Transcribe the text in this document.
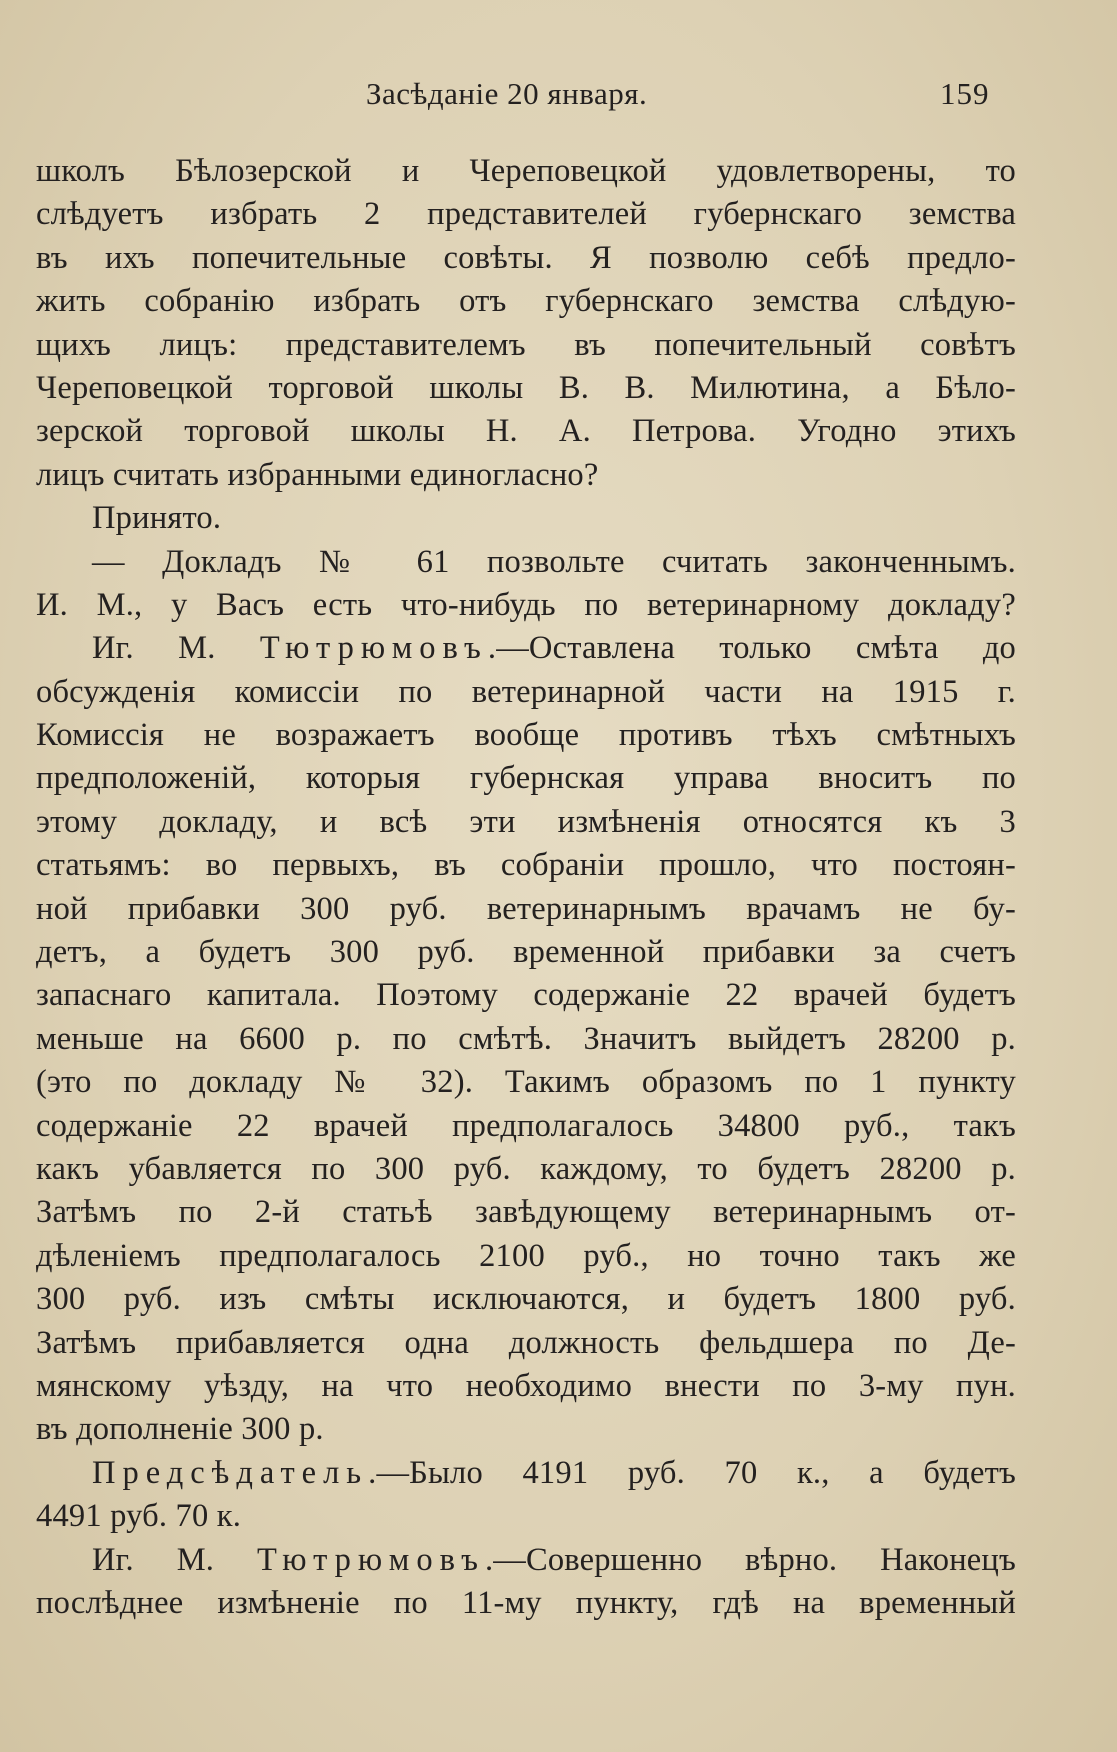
Засѣданіе 20 января.	159
школъ Бѣлозерской и Череповецкой удовлетворены, то
слѣдуетъ избрать 2 представителей губернскаго земства
въ ихъ попечительные совѣты. Я позволю себѣ предло-
жить собранію избрать отъ губернскаго земства слѣдую-
щихъ лицъ: представителемъ въ попечительный совѣтъ
Череповецкой торговой школы В. В. Милютина, а Бѣло-
зерской торговой школы Н. А. Петрова. Угодно этихъ
лицъ считать избранными единогласно?
Принято.
— Докладъ № 61 позвольте считать законченнымъ.
И. М., у Васъ есть что-нибудь по ветеринарному докладу?
Иг. М. Тютрюмовъ.—Оставлена только смѣта до
обсужденія комиссіи по ветеринарной части на 1915 г.
Комиссія не возражаетъ вообще противъ тѣхъ смѣтныхъ
предположеній, которыя губернская управа вноситъ по
этому докладу, и всѣ эти измѣненія относятся къ 3
статьямъ: во первыхъ, въ собраніи прошло, что постоян-
ной прибавки 300 руб. ветеринарнымъ врачамъ не бу-
детъ, а будетъ 300 руб. временной прибавки за счетъ
запаснаго капитала. Поэтому содержаніе 22 врачей будетъ
меньше на 6600 р. по смѣтѣ. Значитъ выйдетъ 28200 р.
(это по докладу № 32). Такимъ образомъ по 1 пункту
содержаніе 22 врачей предполагалось 34800 руб., такъ
какъ убавляется по 300 руб. каждому, то будетъ 28200 р.
Затѣмъ по 2-й статьѣ завѣдующему ветеринарнымъ от-
дѣленіемъ предполагалось 2100 руб., но точно такъ же
300 руб. изъ смѣты исключаются, и будетъ 1800 руб.
Затѣмъ прибавляется одна должность фельдшера по Де-
мянскому уѣзду, на что необходимо внести по 3-му пун.
въ дополненіе 300 р.
Предсѣдатель.—Было 4191 руб. 70 к., а будетъ
4491 руб. 70 к.
Иг. М. Тютрюмовъ.—Совершенно вѣрно. Наконецъ
послѣднее измѣненіе по 11-му пункту, гдѣ на временный
